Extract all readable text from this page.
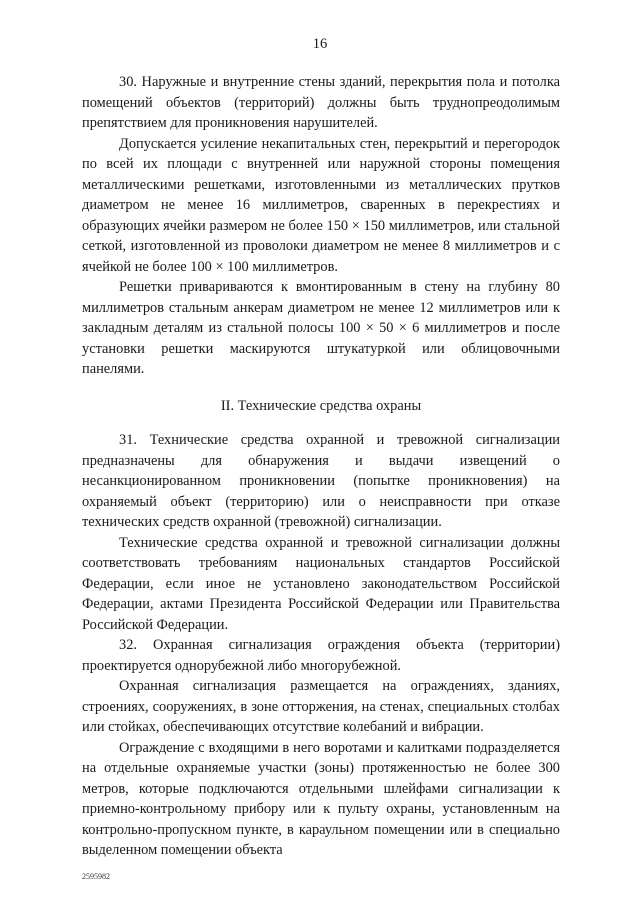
16

30. Наружные и внутренние стены зданий, перекрытия пола и потолка помещений объектов (территорий) должны быть труднопреодолимым препятствием для проникновения нарушителей.

Допускается усиление некапитальных стен, перекрытий и перегородок по всей их площади с внутренней или наружной стороны помещения металлическими решетками, изготовленными из металлических прутков диаметром не менее 16 миллиметров, сваренных в перекрестиях и образующих ячейки размером не более 150 × 150 миллиметров, или стальной сеткой, изготовленной из проволоки диаметром не менее 8 миллиметров и с ячейкой не более 100 × 100 миллиметров.

Решетки привариваются к вмонтированным в стену на глубину 80 миллиметров стальным анкерам диаметром не менее 12 миллиметров или к закладным деталям из стальной полосы 100 × 50 × 6 миллиметров и после установки решетки маскируются штукатуркой или облицовочными панелями.

II. Технические средства охраны

31. Технические средства охранной и тревожной сигнализации предназначены для обнаружения и выдачи извещений о несанкционированном проникновении (попытке проникновения) на охраняемый объект (территорию) или о неисправности при отказе технических средств охранной (тревожной) сигнализации.

Технические средства охранной и тревожной сигнализации должны соответствовать требованиям национальных стандартов Российской Федерации, если иное не установлено законодательством Российской Федерации, актами Президента Российской Федерации или Правительства Российской Федерации.

32. Охранная сигнализация ограждения объекта (территории) проектируется однорубежной либо многорубежной.

Охранная сигнализация размещается на ограждениях, зданиях, строениях, сооружениях, в зоне отторжения, на стенах, специальных столбах или стойках, обеспечивающих отсутствие колебаний и вибрации.

Ограждение с входящими в него воротами и калитками подразделяется на отдельные охраняемые участки (зоны) протяженностью не более 300 метров, которые подключаются отдельными шлейфами сигнализации к приемно-контрольному прибору или к пульту охраны, установленным на контрольно-пропускном пункте, в караульном помещении или в специально выделенном помещении объекта

2595982
